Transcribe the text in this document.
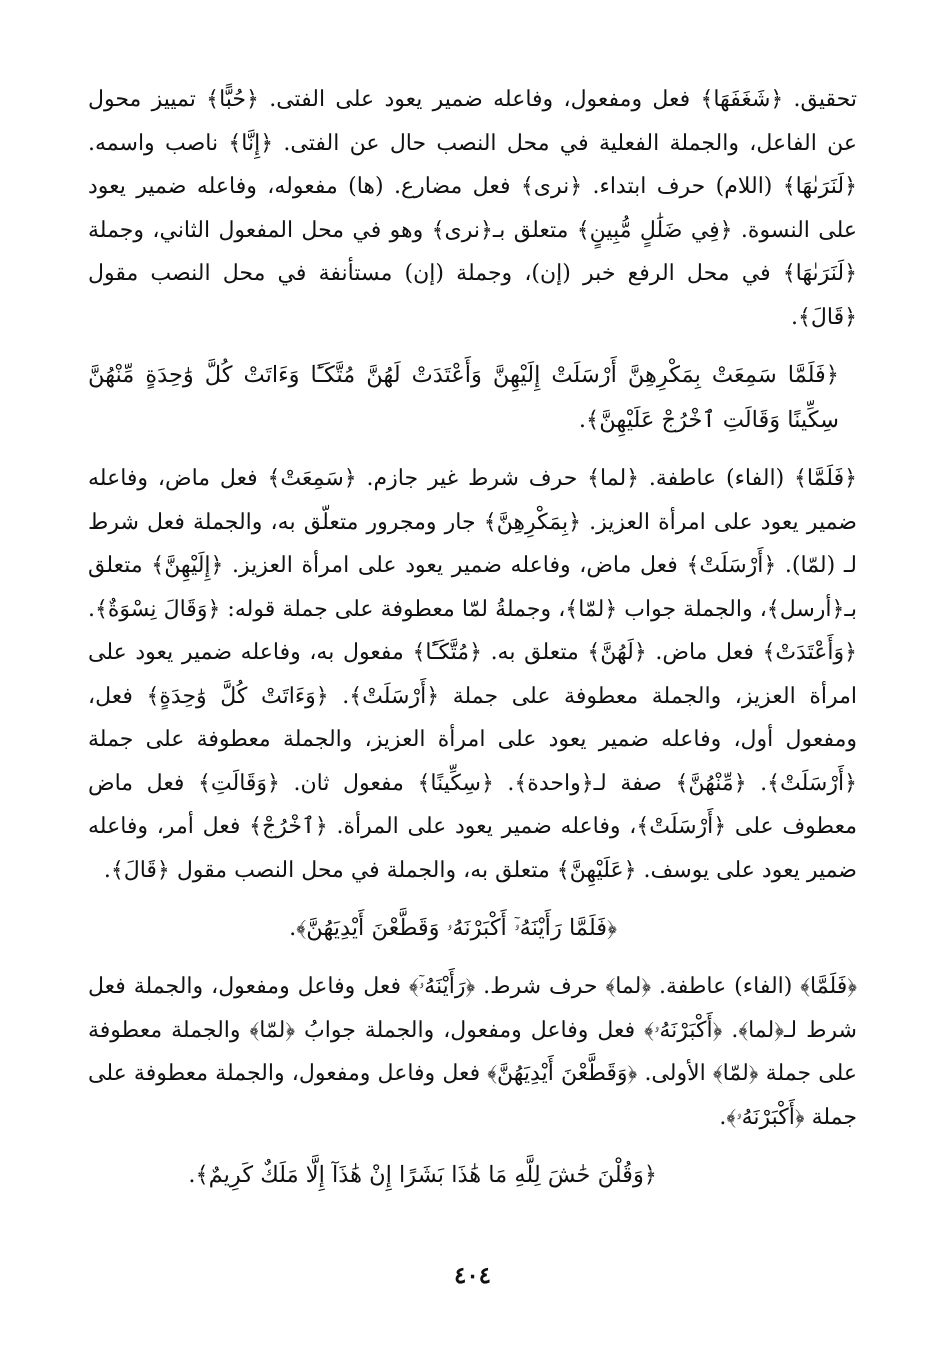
تحقيق. ﴿شَغَفَهَا﴾ فعل ومفعول، وفاعله ضمير يعود على الفتى. ﴿حُبًّا﴾ تمييز محول عن الفاعل، والجملة الفعلية في محل النصب حال عن الفتى. ﴿إِنَّا﴾ ناصب واسمه. ﴿لَنَرَىٰهَا﴾ (اللام) حرف ابتداء. ﴿نرى﴾ فعل مضارع. (ها) مفعوله، وفاعله ضمير يعود على النسوة. ﴿فِي ضَلَٰلٍ مُّبِينٍ﴾ متعلق بـ﴿نرى﴾ وهو في محل المفعول الثاني، وجملة ﴿لَنَرَىٰهَا﴾ في محل الرفع خبر (إن)، وجملة (إن) مستأنفة في محل النصب مقول ﴿قَالَ﴾.

﴿فَلَمَّا سَمِعَتْ بِمَكْرِهِنَّ أَرْسَلَتْ إِلَيْهِنَّ وَأَعْتَدَتْ لَهُنَّ مُتَّكَـًٔا وَءَاتَتْ كُلَّ وَٰحِدَةٍ مِّنْهُنَّ سِكِّينًا وَقَالَتِ ٱخْرُجْ عَلَيْهِنَّ﴾.

﴿فَلَمَّا﴾ (الفاء) عاطفة. ﴿لما﴾ حرف شرط غير جازم. ﴿سَمِعَتْ﴾ فعل ماض، وفاعله ضمير يعود على امرأة العزيز. ﴿بِمَكْرِهِنَّ﴾ جار ومجرور متعلّق به، والجملة فعل شرط لـ (لمّا). ﴿أَرْسَلَتْ﴾ فعل ماض، وفاعله ضمير يعود على امرأة العزيز. ﴿إِلَيْهِنَّ﴾ متعلق بـ﴿أرسل﴾، والجملة جواب ﴿لمّا﴾، وجملةُ لمّا معطوفة على جملة قوله: ﴿وَقَالَ نِسْوَةٌ﴾. ﴿وَأَعْتَدَتْ﴾ فعل ماض. ﴿لَهُنَّ﴾ متعلق به. ﴿مُتَّكَـًٔا﴾ مفعول به، وفاعله ضمير يعود على امرأة العزيز، والجملة معطوفة على جملة ﴿أَرْسَلَتْ﴾. ﴿وَءَاتَتْ كُلَّ وَٰحِدَةٍ﴾ فعل، ومفعول أول، وفاعله ضمير يعود على امرأة العزيز، والجملة معطوفة على جملة ﴿أَرْسَلَتْ﴾. ﴿مِّنْهُنَّ﴾ صفة لـ﴿واحدة﴾. ﴿سِكِّينًا﴾ مفعول ثان. ﴿وَقَالَتِ﴾ فعل ماض معطوف على ﴿أَرْسَلَتْ﴾، وفاعله ضمير يعود على المرأة. ﴿ٱخْرُجْ﴾ فعل أمر، وفاعله ضمير يعود على يوسف. ﴿عَلَيْهِنَّ﴾ متعلق به، والجملة في محل النصب مقول ﴿قَالَ﴾.

﴿فَلَمَّا رَأَيْنَهُۥٓ أَكْبَرْنَهُۥ وَقَطَّعْنَ أَيْدِيَهُنَّ﴾.

﴿فَلَمَّا﴾ (الفاء) عاطفة. ﴿لما﴾ حرف شرط. ﴿رَأَيْنَهُۥٓ﴾ فعل وفاعل ومفعول، والجملة فعل شرط لـ﴿لما﴾. ﴿أَكْبَرْنَهُۥ﴾ فعل وفاعل ومفعول، والجملة جوابُ ﴿لمّا﴾ والجملة معطوفة على جملة ﴿لمّا﴾ الأولى. ﴿وَقَطَّعْنَ أَيْدِيَهُنَّ﴾ فعل وفاعل ومفعول، والجملة معطوفة على جملة ﴿أَكْبَرْنَهُۥ﴾.

﴿وَقُلْنَ حَٰشَ لِلَّهِ مَا هَٰذَا بَشَرًا إِنْ هَٰذَآ إِلَّا مَلَكٌ كَرِيمٌ﴾.

٤٠٤
